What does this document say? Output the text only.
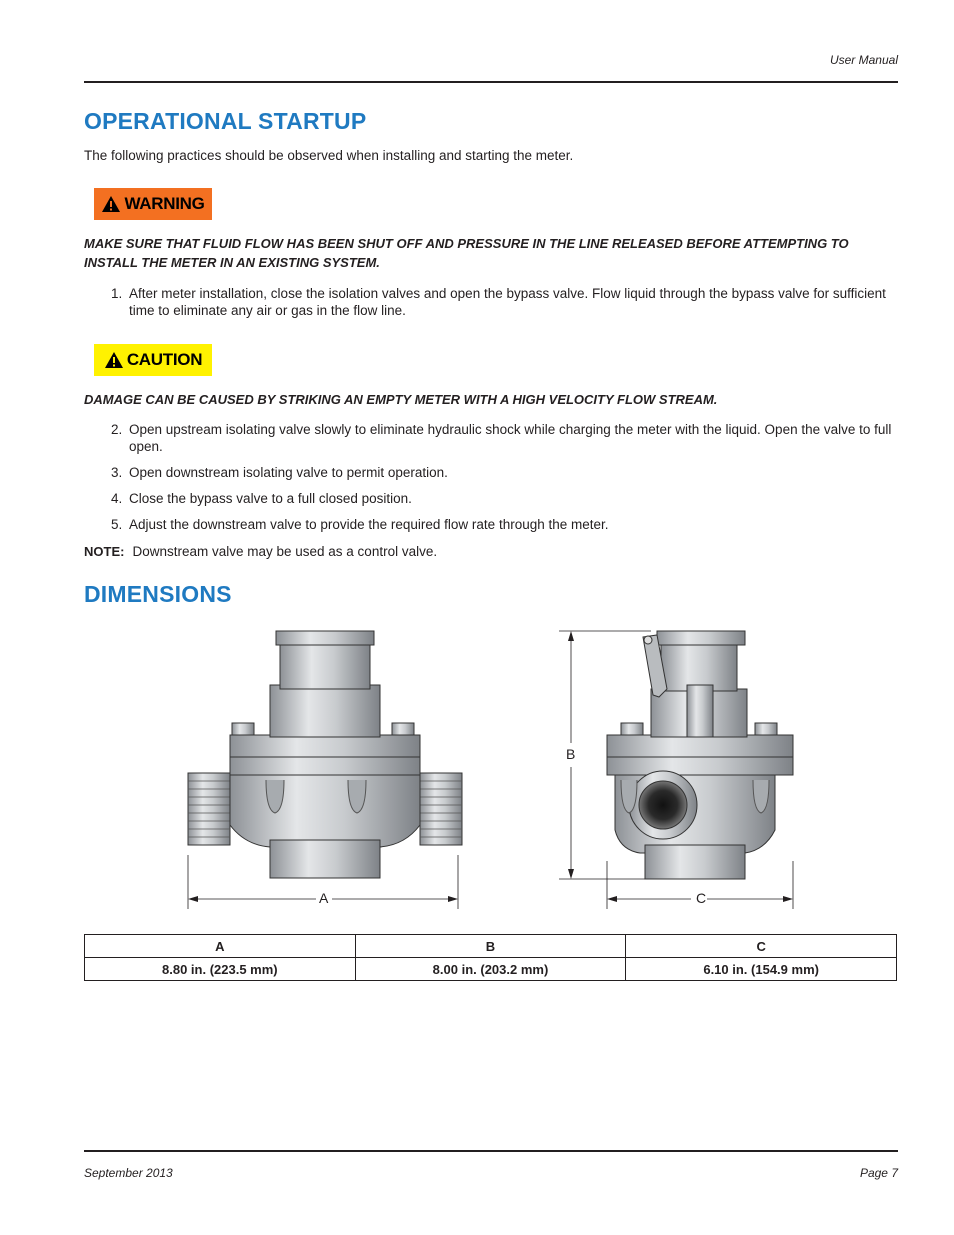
User Manual
OPERATIONAL STARTUP
The following practices should be observed when installing and starting the meter.
WARNING
MAKE SURE THAT FLUID FLOW HAS BEEN SHUT OFF AND PRESSURE IN THE LINE RELEASED BEFORE ATTEMPTING TO INSTALL THE METER IN AN EXISTING SYSTEM.
1. After meter installation, close the isolation valves and open the bypass valve. Flow liquid through the bypass valve for sufficient time to eliminate any air or gas in the flow line.
CAUTION
DAMAGE CAN BE CAUSED BY STRIKING AN EMPTY METER WITH A HIGH VELOCITY FLOW STREAM.
2. Open upstream isolating valve slowly to eliminate hydraulic shock while charging the meter with the liquid. Open the valve to full open.
3. Open downstream isolating valve to permit operation.
4. Close the bypass valve to a full closed position.
5. Adjust the downstream valve to provide the required flow rate through the meter.
NOTE: Downstream valve may be used as a control valve.
DIMENSIONS
A
B
C
A	B	C
8.80 in. (223.5 mm)	8.00 in. (203.2 mm)	6.10 in. (154.9 mm)
September 2013	Page 7
